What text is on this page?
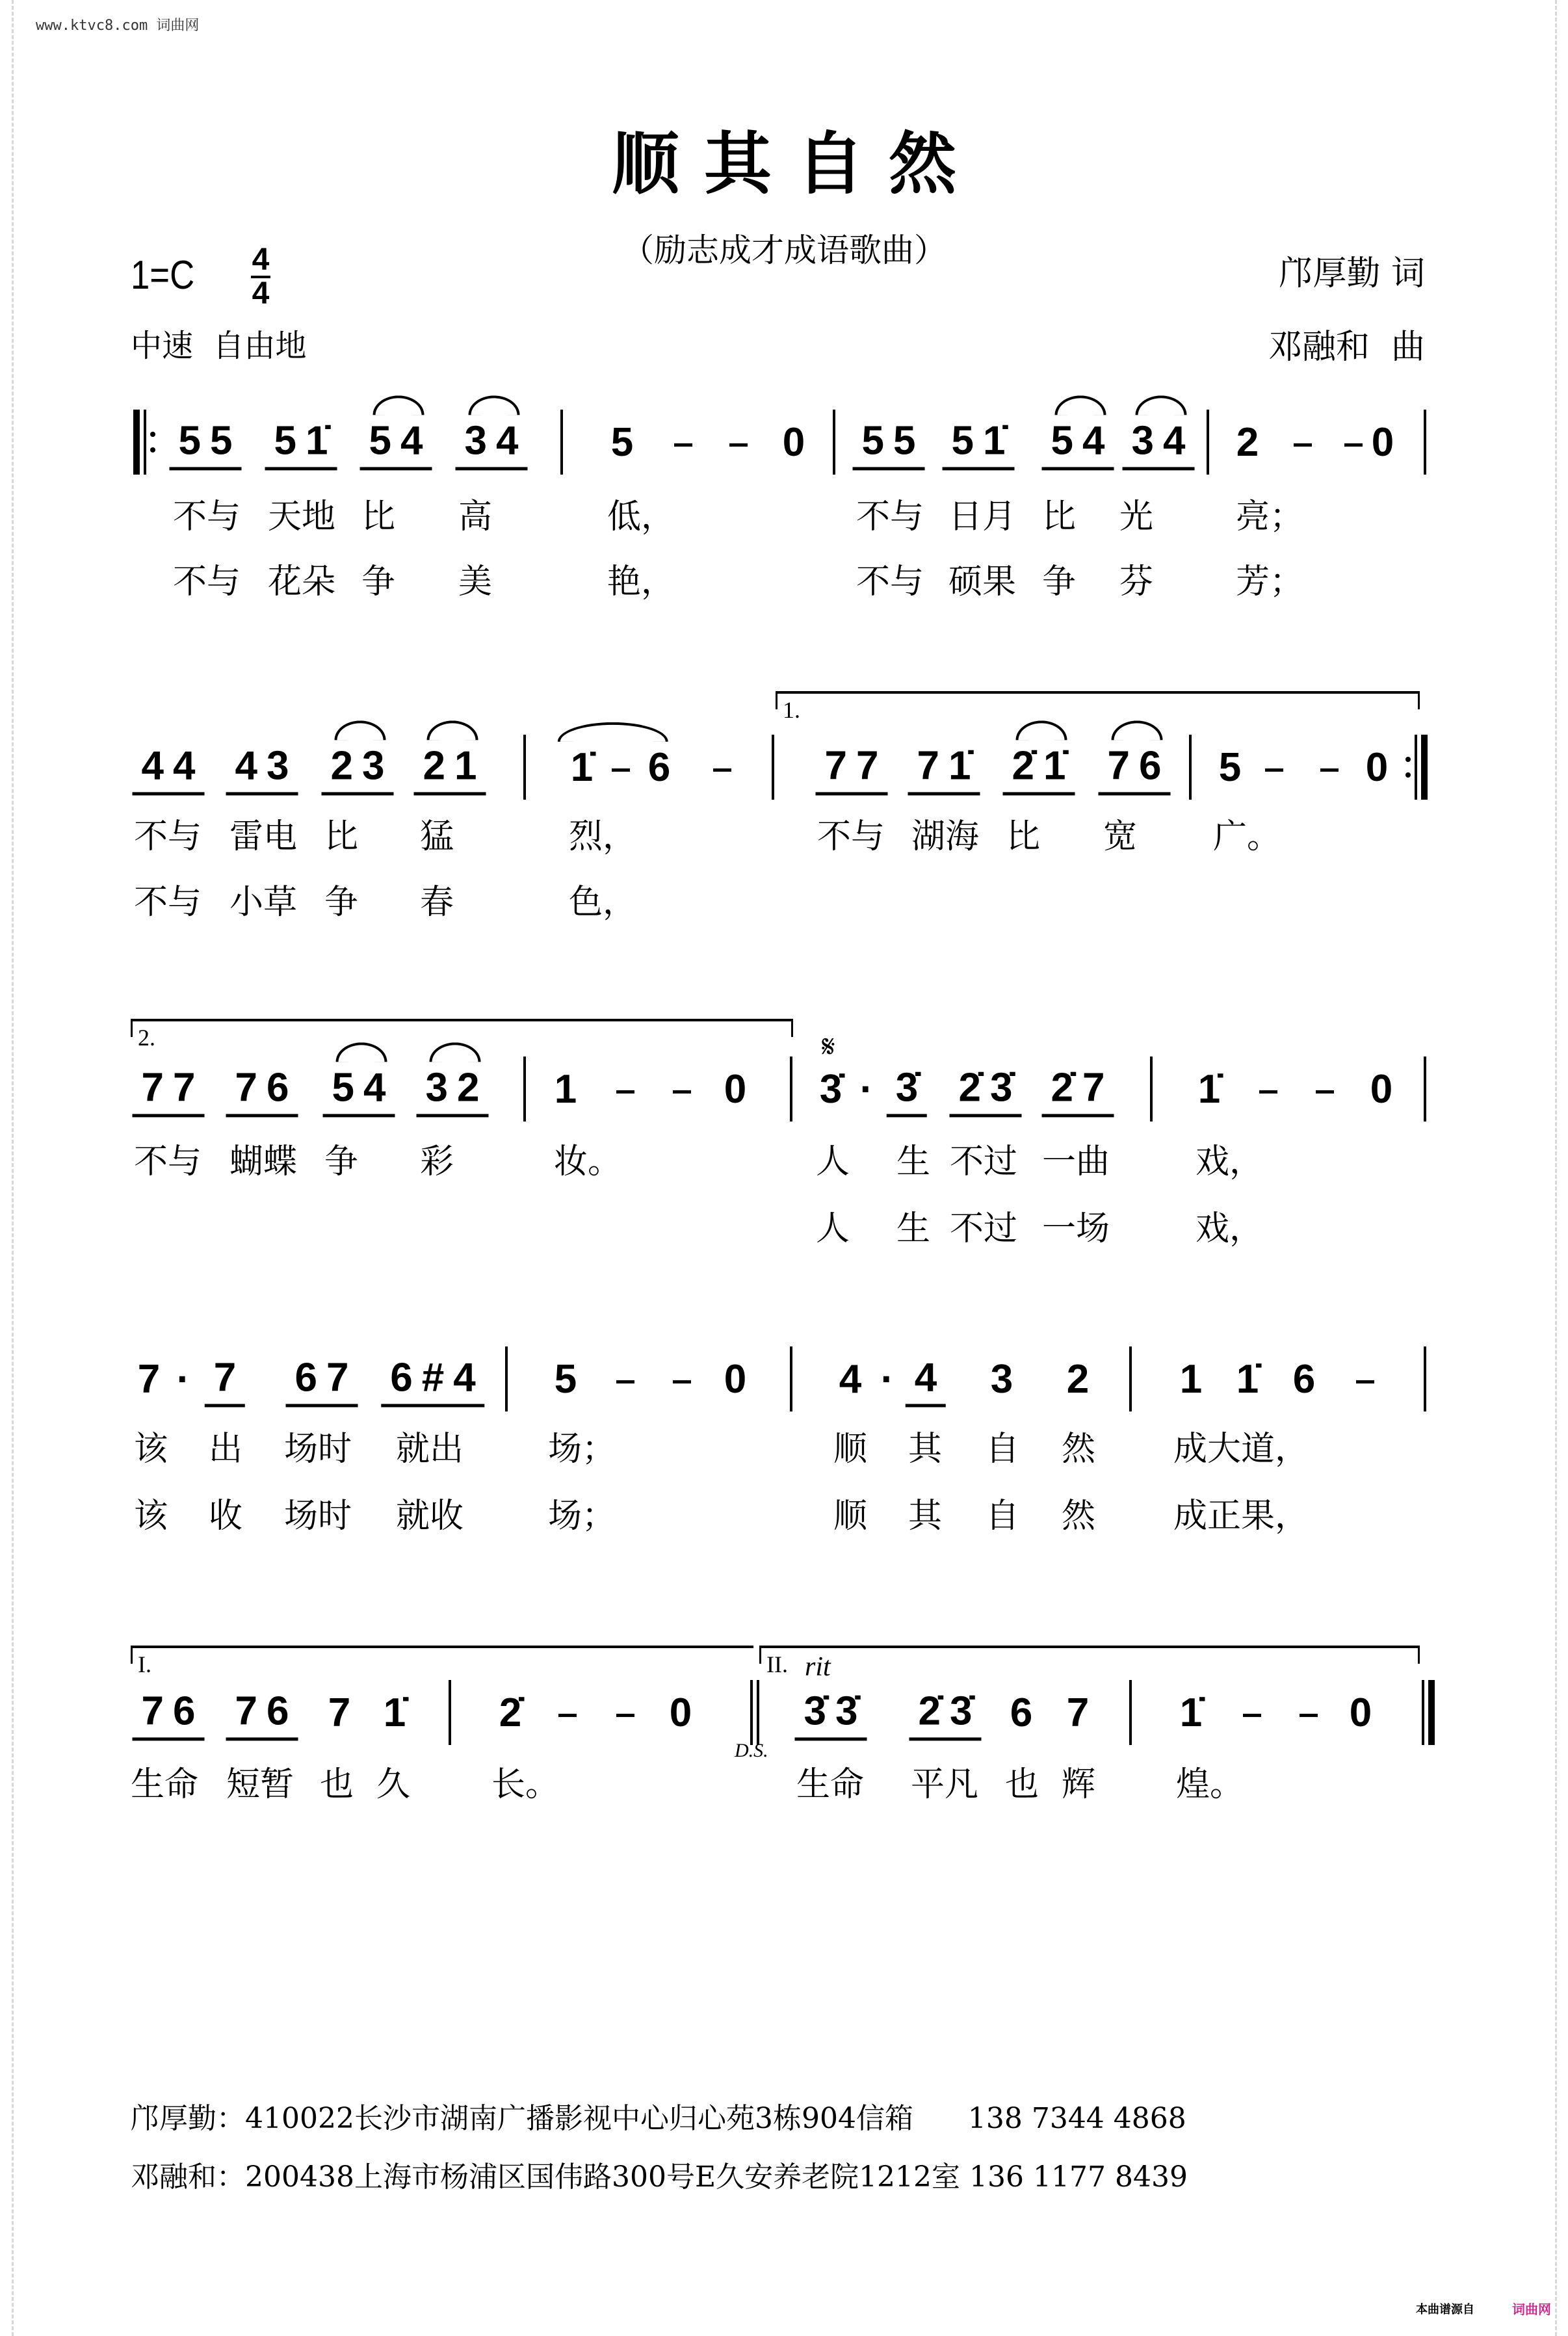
www.ktvc8.com 词曲网
顺其自然
（励志成才成语歌曲）
1=C 4
4
中速  自由地
邝厚勤 词
邓融和  曲
55 51̇ 54 34 5	0 55 51̇ 54 34 2	0
不与 天地 比 高	低，	不与 日月 比 光 亮；
不与 花朵 争 美	艳，	不与 硕果 争 芬 芳；
44 43 23 21 1̇ 6	77 71̇ 2̇1̇ 76 5	0
不与 雷电 比 猛	烈，	不与 湖海 比 宽 广。
不与 小草 争 春	色，
1.
77 76 54 32 1	0 3̇ · 3̇ 2̇3̇ 2̇7 1̇	0
不与 蝴蝶 争 彩	妆。	人 生 不过 一曲	戏，
人 生 不过 一场	戏，
2.	𝄋
7 · 7 67 6#4 5	0 4 · 4 3 2 1 1̇ 6
该 出 场时 就出 场；	顺 其 自 然 成大道，
该 收 场时 就收 场；	顺 其 自 然 成正果，
76 76 7 1̇ 2̇	0	3̇3̇ 2̇3̇ 6 7 1̇	0
生命 短暂 也 久 长。	生命 平凡 也 辉 煌。
I.	II. rit
D.S.
邝厚勤：410022长沙市湖南广播影视中心归心苑3栋904信箱      138 7344 4868
邓融和：200438上海市杨浦区国伟路300号E久安养老院1212室 136 1177 8439
本曲谱源自	词曲网
